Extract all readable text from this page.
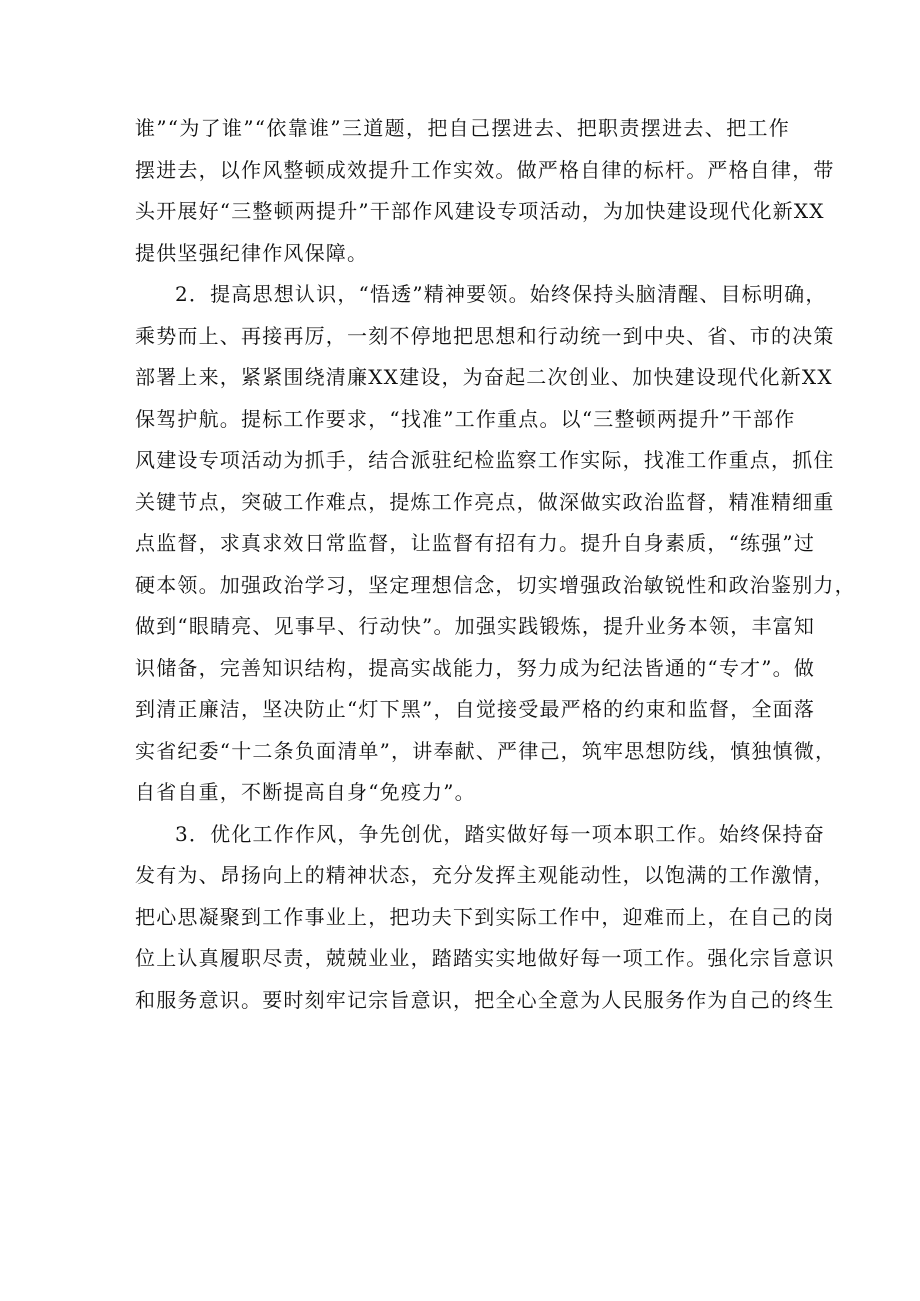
谁”“为了谁”“依靠谁”三道题，把自己摆进去、把职责摆进去、把工作
摆进去，以作风整顿成效提升工作实效。做严格自律的标杆。严格自律，带
头开展好“三整顿两提升”干部作风建设专项活动，为加快建设现代化新XX
提供坚强纪律作风保障。

2．提高思想认识，“悟透”精神要领。始终保持头脑清醒、目标明确，
乘势而上、再接再厉，一刻不停地把思想和行动统一到中央、省、市的决策
部署上来，紧紧围绕清廉XX建设，为奋起二次创业、加快建设现代化新XX
保驾护航。提标工作要求，“找准”工作重点。以“三整顿两提升”干部作
风建设专项活动为抓手，结合派驻纪检监察工作实际，找准工作重点，抓住
关键节点，突破工作难点，提炼工作亮点，做深做实政治监督，精准精细重
点监督，求真求效日常监督，让监督有招有力。提升自身素质，“练强”过
硬本领。加强政治学习，坚定理想信念，切实增强政治敏锐性和政治鉴别力，
做到“眼睛亮、见事早、行动快”。加强实践锻炼，提升业务本领，丰富知
识储备，完善知识结构，提高实战能力，努力成为纪法皆通的“专才”。做
到清正廉洁，坚决防止“灯下黑”，自觉接受最严格的约束和监督，全面落
实省纪委“十二条负面清单”，讲奉献、严律己，筑牢思想防线，慎独慎微，
自省自重，不断提高自身“免疫力”。

3．优化工作作风，争先创优，踏实做好每一项本职工作。始终保持奋
发有为、昂扬向上的精神状态，充分发挥主观能动性，以饱满的工作激情，
把心思凝聚到工作事业上，把功夫下到实际工作中，迎难而上，在自己的岗
位上认真履职尽责，兢兢业业，踏踏实实地做好每一项工作。强化宗旨意识
和服务意识。要时刻牢记宗旨意识，把全心全意为人民服务作为自己的终生
